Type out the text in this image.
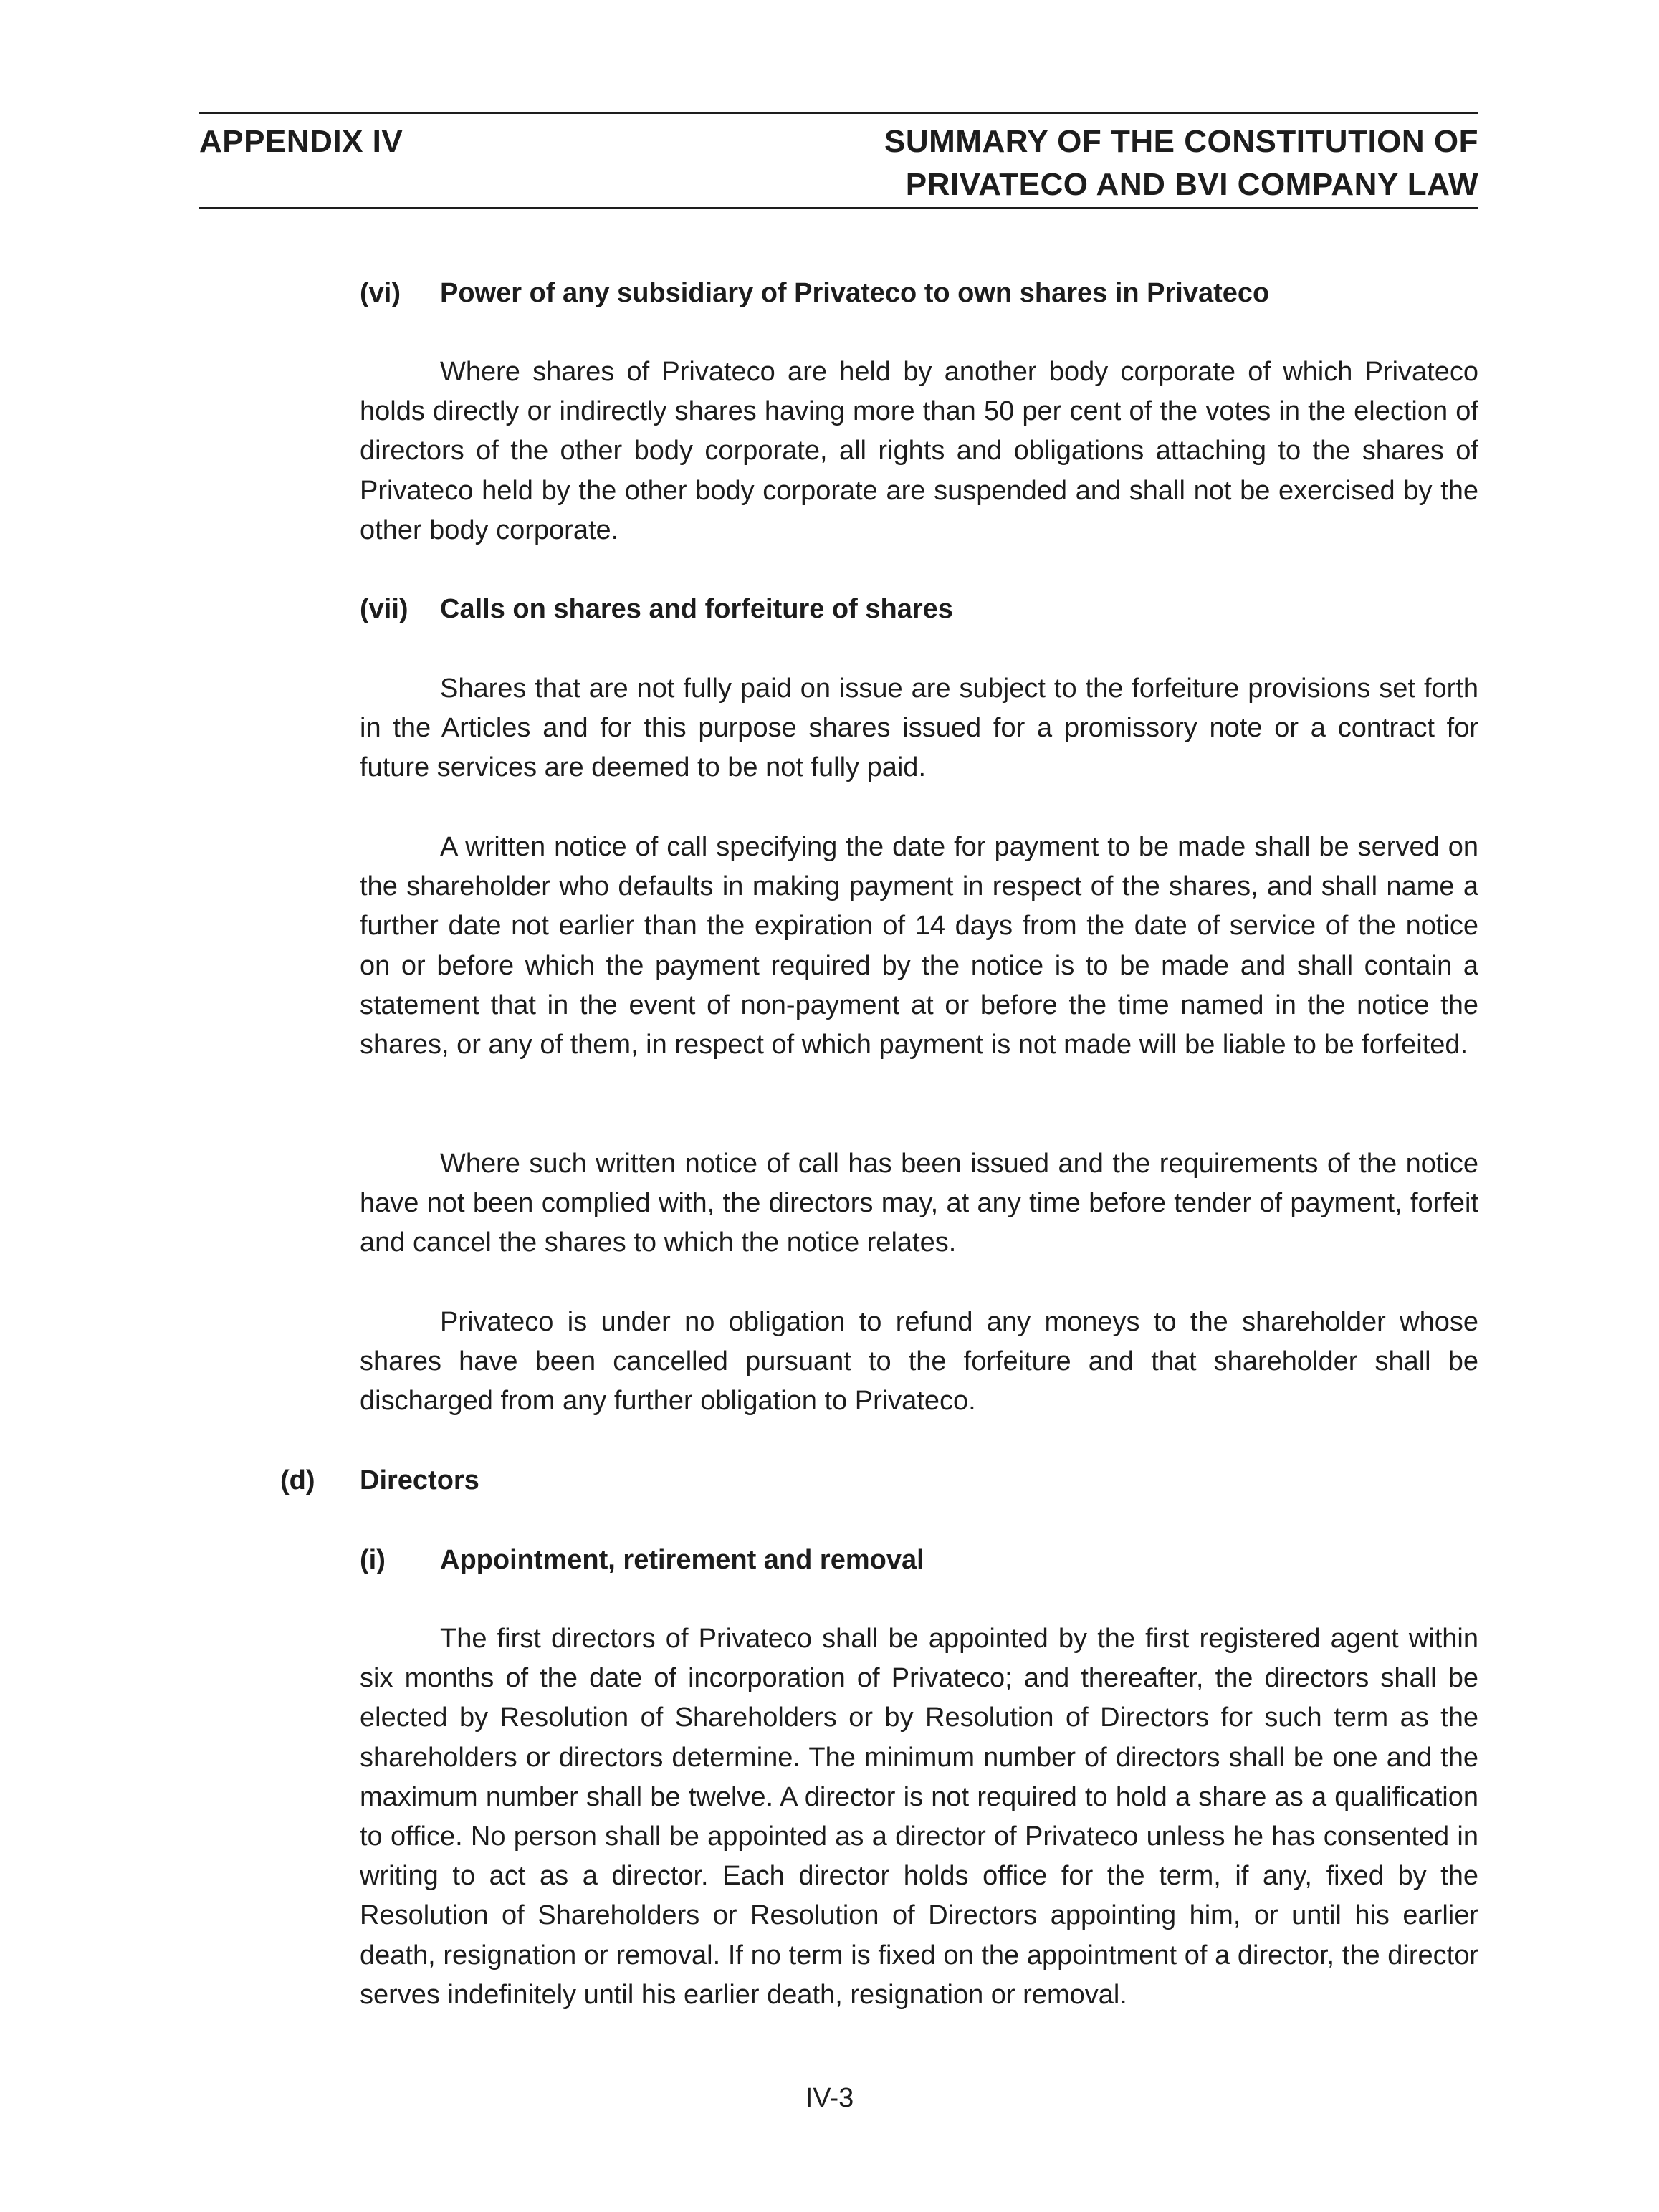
APPENDIX IV	SUMMARY OF THE CONSTITUTION OF
PRIVATECO AND BVI COMPANY LAW
(vi) Power of any subsidiary of Privateco to own shares in Privateco

Where shares of Privateco are held by another body corporate of which Privateco holds directly or indirectly shares having more than 50 per cent of the votes in the election of directors of the other body corporate, all rights and obligations attaching to the shares of Privateco held by the other body corporate are suspended and shall not be exercised by the other body corporate.

(vii) Calls on shares and forfeiture of shares

Shares that are not fully paid on issue are subject to the forfeiture provisions set forth in the Articles and for this purpose shares issued for a promissory note or a contract for future services are deemed to be not fully paid.

A written notice of call specifying the date for payment to be made shall be served on the shareholder who defaults in making payment in respect of the shares, and shall name a further date not earlier than the expiration of 14 days from the date of service of the notice on or before which the payment required by the notice is to be made and shall contain a statement that in the event of non-payment at or before the time named in the notice the shares, or any of them, in respect of which payment is not made will be liable to be forfeited.

Where such written notice of call has been issued and the requirements of the notice have not been complied with, the directors may, at any time before tender of payment, forfeit and cancel the shares to which the notice relates.

Privateco is under no obligation to refund any moneys to the shareholder whose shares have been cancelled pursuant to the forfeiture and that shareholder shall be discharged from any further obligation to Privateco.

(d) Directors
(i) Appointment, retirement and removal

The first directors of Privateco shall be appointed by the first registered agent within six months of the date of incorporation of Privateco; and thereafter, the directors shall be elected by Resolution of Shareholders or by Resolution of Directors for such term as the shareholders or directors determine. The minimum number of directors shall be one and the maximum number shall be twelve. A director is not required to hold a share as a qualification to office. No person shall be appointed as a director of Privateco unless he has consented in writing to act as a director. Each director holds office for the term, if any, fixed by the Resolution of Shareholders or Resolution of Directors appointing him, or until his earlier death, resignation or removal. If no term is fixed on the appointment of a director, the director serves indefinitely until his earlier death, resignation or removal.

IV-3
